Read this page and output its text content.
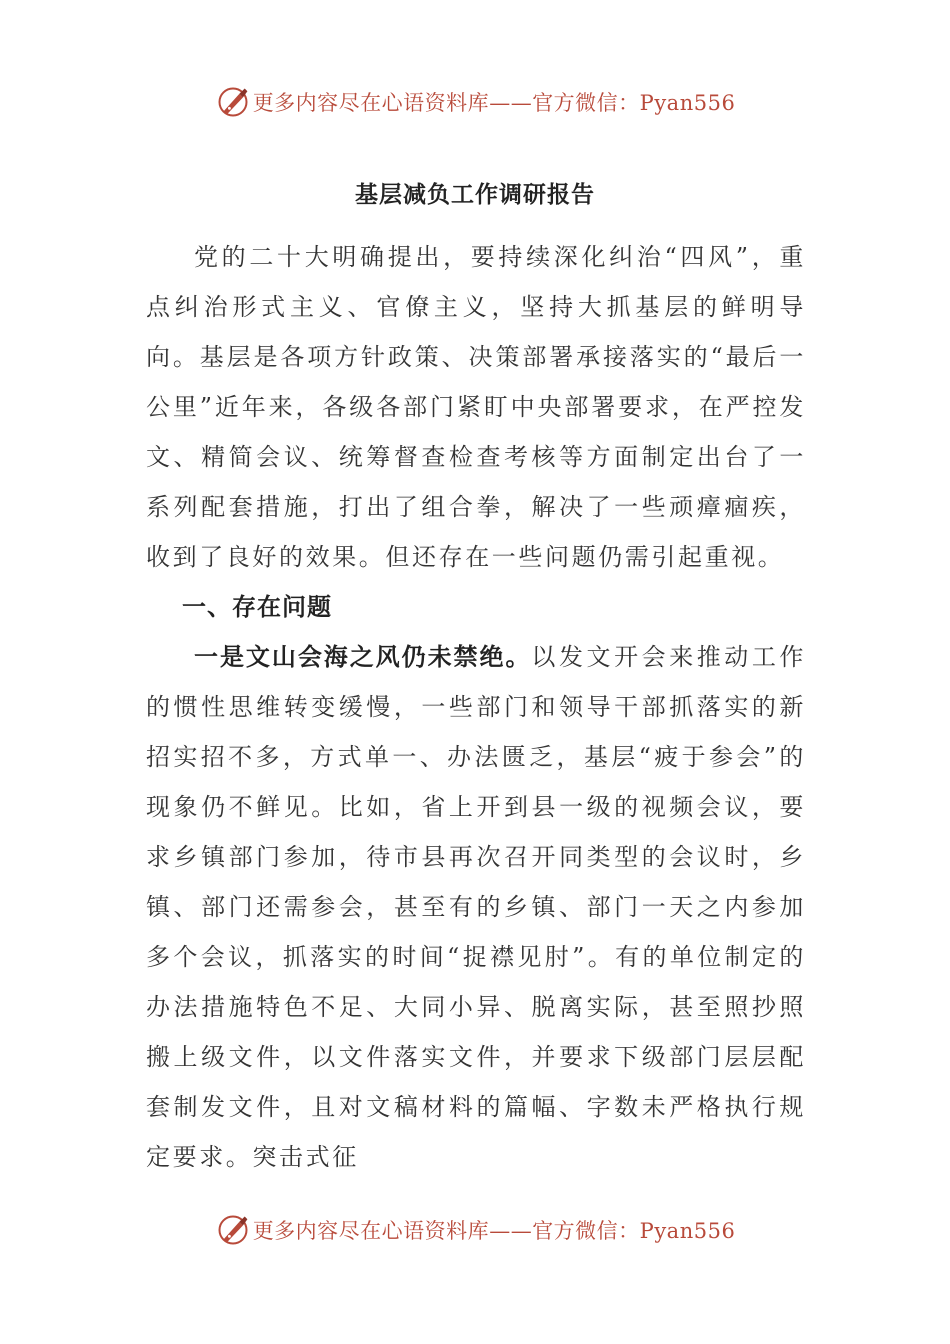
更多内容尽在心语资料库——官方微信：Pyan556
基层减负工作调研报告

党的二十大明确提出，要持续深化纠治“四风”，重点纠治形式主义、官僚主义，坚持大抓基层的鲜明导向。基层是各项方针政策、决策部署承接落实的“最后一公里”近年来，各级各部门紧盯中央部署要求，在严控发文、精简会议、统筹督查检查考核等方面制定出台了一系列配套措施，打出了组合拳，解决了一些顽瘴痼疾，收到了良好的效果。但还存在一些问题仍需引起重视。

一、存在问题

一是文山会海之风仍未禁绝。以发文开会来推动工作的惯性思维转变缓慢，一些部门和领导干部抓落实的新招实招不多，方式单一、办法匮乏，基层“疲于参会”的现象仍不鲜见。比如，省上开到县一级的视频会议，要求乡镇部门参加，待市县再次召开同类型的会议时，乡镇、部门还需参会，甚至有的乡镇、部门一天之内参加多个会议，抓落实的时间“捉襟见肘”。有的单位制定的办法措施特色不足、大同小异、脱离实际，甚至照抄照搬上级文件，以文件落实文件，并要求下级部门层层配套制发文件，且对文稿材料的篇幅、字数未严格执行规定要求。突击式征

更多内容尽在心语资料库——官方微信：Pyan556
